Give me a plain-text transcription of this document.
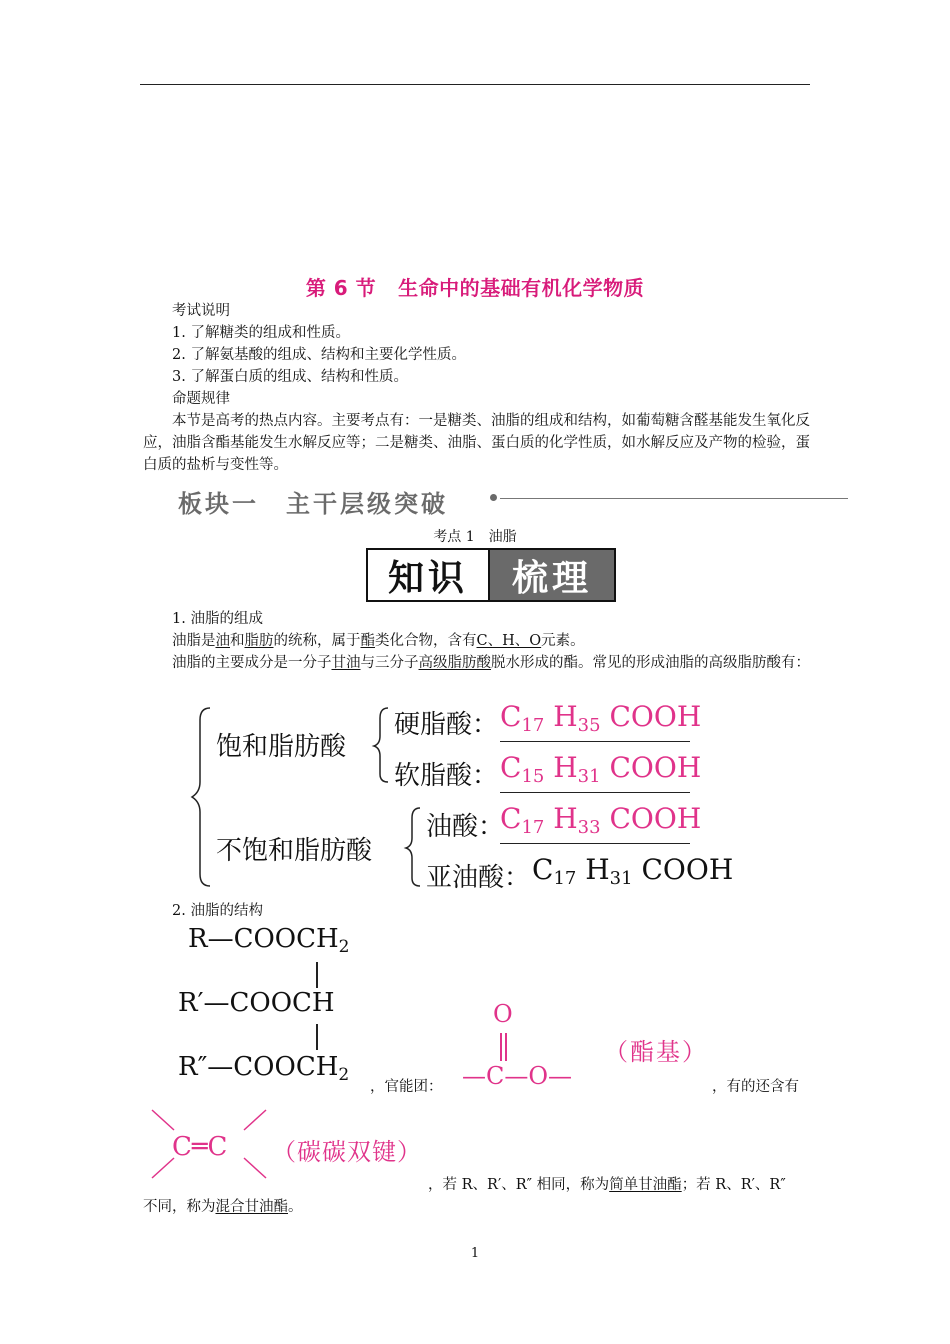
第 6 节 生命中的基础有机化学物质
考试说明
1. 了解糖类的组成和性质。
2. 了解氨基酸的组成、结构和主要化学性质。
3. 了解蛋白质的组成、结构和性质。
命题规律
本节是高考的热点内容。主要考点有：一是糖类、油脂的组成和结构，如葡萄糖含醛基能发生氧化反应，油脂含酯基能发生水解反应等；二是糖类、油脂、蛋白质的化学性质，如水解反应及产物的检验，蛋白质的盐析与变性等。
板块一　主干层级突破
考点 1　油脂
知识	梳理
1. 油脂的组成
油脂是油和脂肪的统称，属于酯类化合物，含有C、H、O元素。
油脂的主要成分是一分子甘油与三分子高级脂肪酸脱水形成的酯。常见的形成油脂的高级脂肪酸有：
饱和脂肪酸
不饱和脂肪酸
硬脂酸： $C_{17}$ $H_{35}$ COOH
软脂酸： $C_{15}$ $H_{31}$ COOH
油酸：
$C_{17}$ $H_{33}$ COOH
亚油酸： $C_{17}$ $H_{31}$ COOH
2. 油脂的结构
$R—COOCH_2$
R′—COOCH
$R''—COOCH_2$
，官能团：
O
—C—O—
（酯基）
，有的还含有
C═C （碳碳双键）
，若 R、R′、R″ 相同，称为简单甘油酯；若 R、R′、R″
不同，称为混合甘油酯。
1
